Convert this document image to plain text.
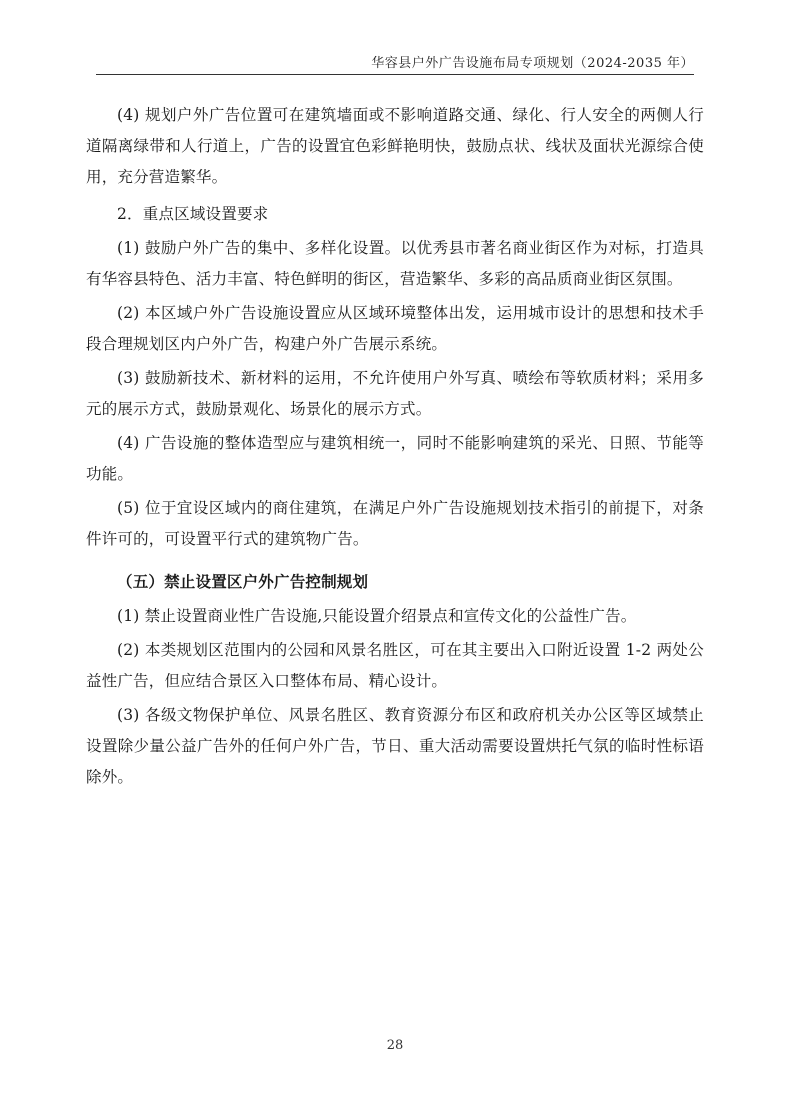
华容县户外广告设施布局专项规划（2024-2035 年）

(4) 规划户外广告位置可在建筑墙面或不影响道路交通、绿化、行人安全的两侧人行道隔离绿带和人行道上，广告的设置宜色彩鲜艳明快，鼓励点状、线状及面状光源综合使用，充分营造繁华。

2．重点区域设置要求

(1) 鼓励户外广告的集中、多样化设置。以优秀县市著名商业街区作为对标，打造具有华容县特色、活力丰富、特色鲜明的街区，营造繁华、多彩的高品质商业街区氛围。

(2) 本区域户外广告设施设置应从区域环境整体出发，运用城市设计的思想和技术手段合理规划区内户外广告，构建户外广告展示系统。

(3) 鼓励新技术、新材料的运用，不允许使用户外写真、喷绘布等软质材料；采用多元的展示方式，鼓励景观化、场景化的展示方式。

(4) 广告设施的整体造型应与建筑相统一，同时不能影响建筑的采光、日照、节能等功能。

(5) 位于宜设区域内的商住建筑，在满足户外广告设施规划技术指引的前提下，对条件许可的，可设置平行式的建筑物广告。

（五）禁止设置区户外广告控制规划

(1) 禁止设置商业性广告设施,只能设置介绍景点和宣传文化的公益性广告。

(2) 本类规划区范围内的公园和风景名胜区，可在其主要出入口附近设置 1-2 两处公益性广告，但应结合景区入口整体布局、精心设计。

(3) 各级文物保护单位、风景名胜区、教育资源分布区和政府机关办公区等区域禁止设置除少量公益广告外的任何户外广告，节日、重大活动需要设置烘托气氛的临时性标语除外。

28
